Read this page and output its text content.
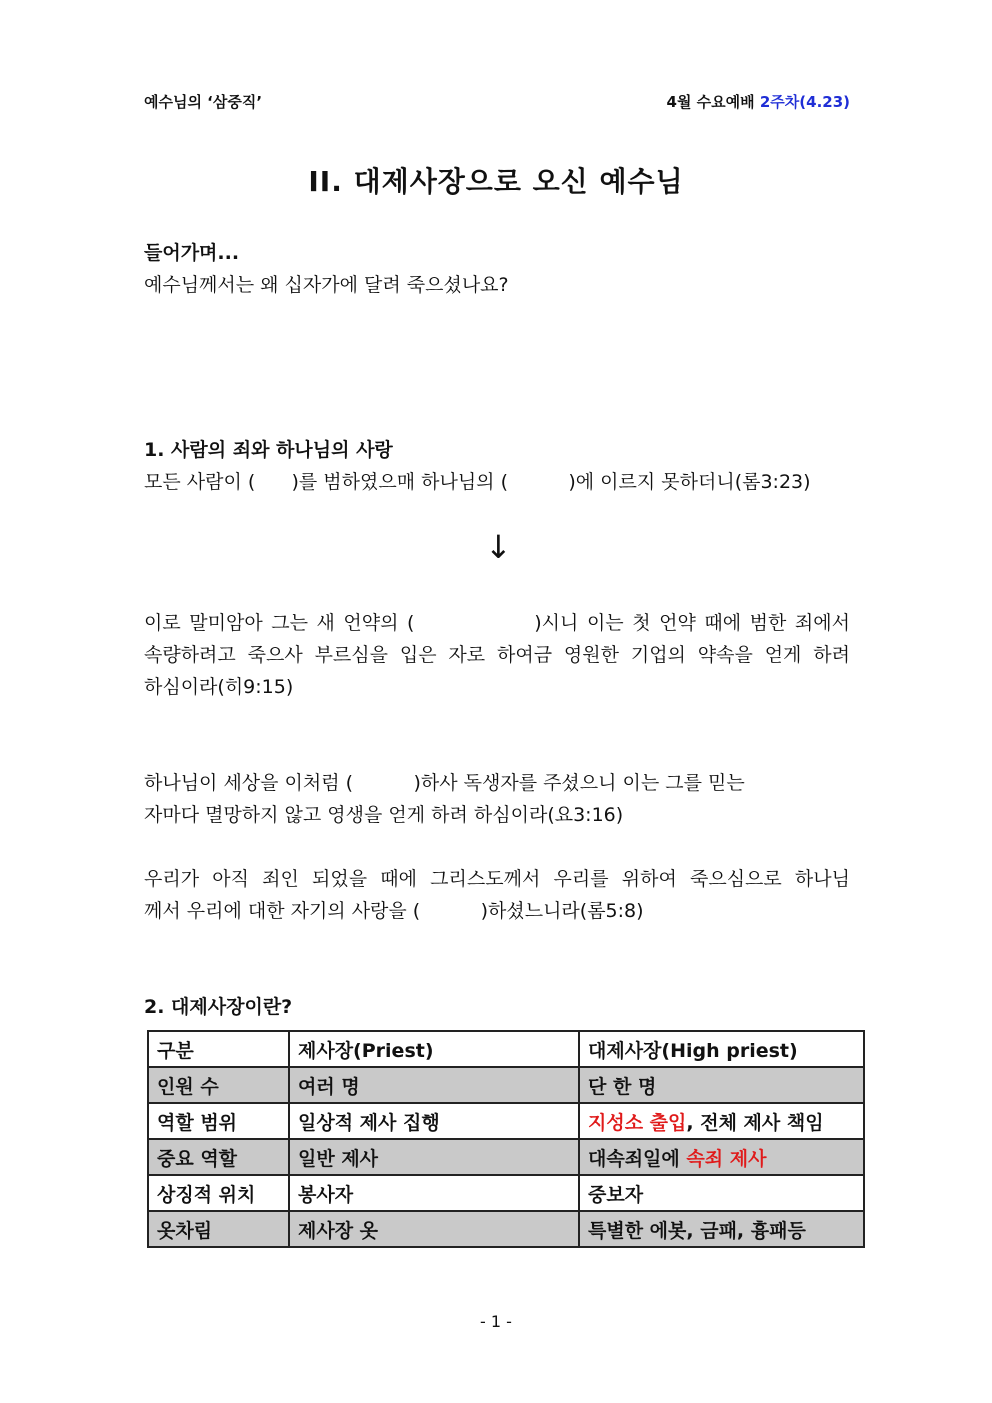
예수님의 ‘삼중직’	4월 수요예배 2주차(4.23)
II. 대제사장으로 오신 예수님
들어가며...
예수님께서는 왜 십자가에 달려 죽으셨나요?
1. 사람의 죄와 하나님의 사랑
모든 사람이 (      )를 범하였으매 하나님의 (          )에 이르지 못하더니(롬3:23)
↓
이로 말미암아 그는 새 언약의 (              )시니 이는 첫 언약 때에 범한 죄에서
속량하려고 죽으사 부르심을 입은 자로 하여금 영원한 기업의 약속을 얻게 하려
하심이라(히9:15)
하나님이 세상을 이처럼 (          )하사 독생자를 주셨으니 이는 그를 믿는
자마다 멸망하지 않고 영생을 얻게 하려 하심이라(요3:16)
우리가 아직 죄인 되었을 때에 그리스도께서 우리를 위하여 죽으심으로 하나님
께서 우리에 대한 자기의 사랑을 (          )하셨느니라(롬5:8)
2. 대제사장이란?
구분	제사장(Priest)	대제사장(High priest)
인원 수	여러 명	단 한 명
역할 범위	일상적 제사 집행	지성소 출입, 전체 제사 책임
중요 역할	일반 제사	대속죄일에 속죄 제사
상징적 위치	봉사자	중보자
옷차림	제사장 옷	특별한 에봇, 금패, 흉패등
- 1 -
